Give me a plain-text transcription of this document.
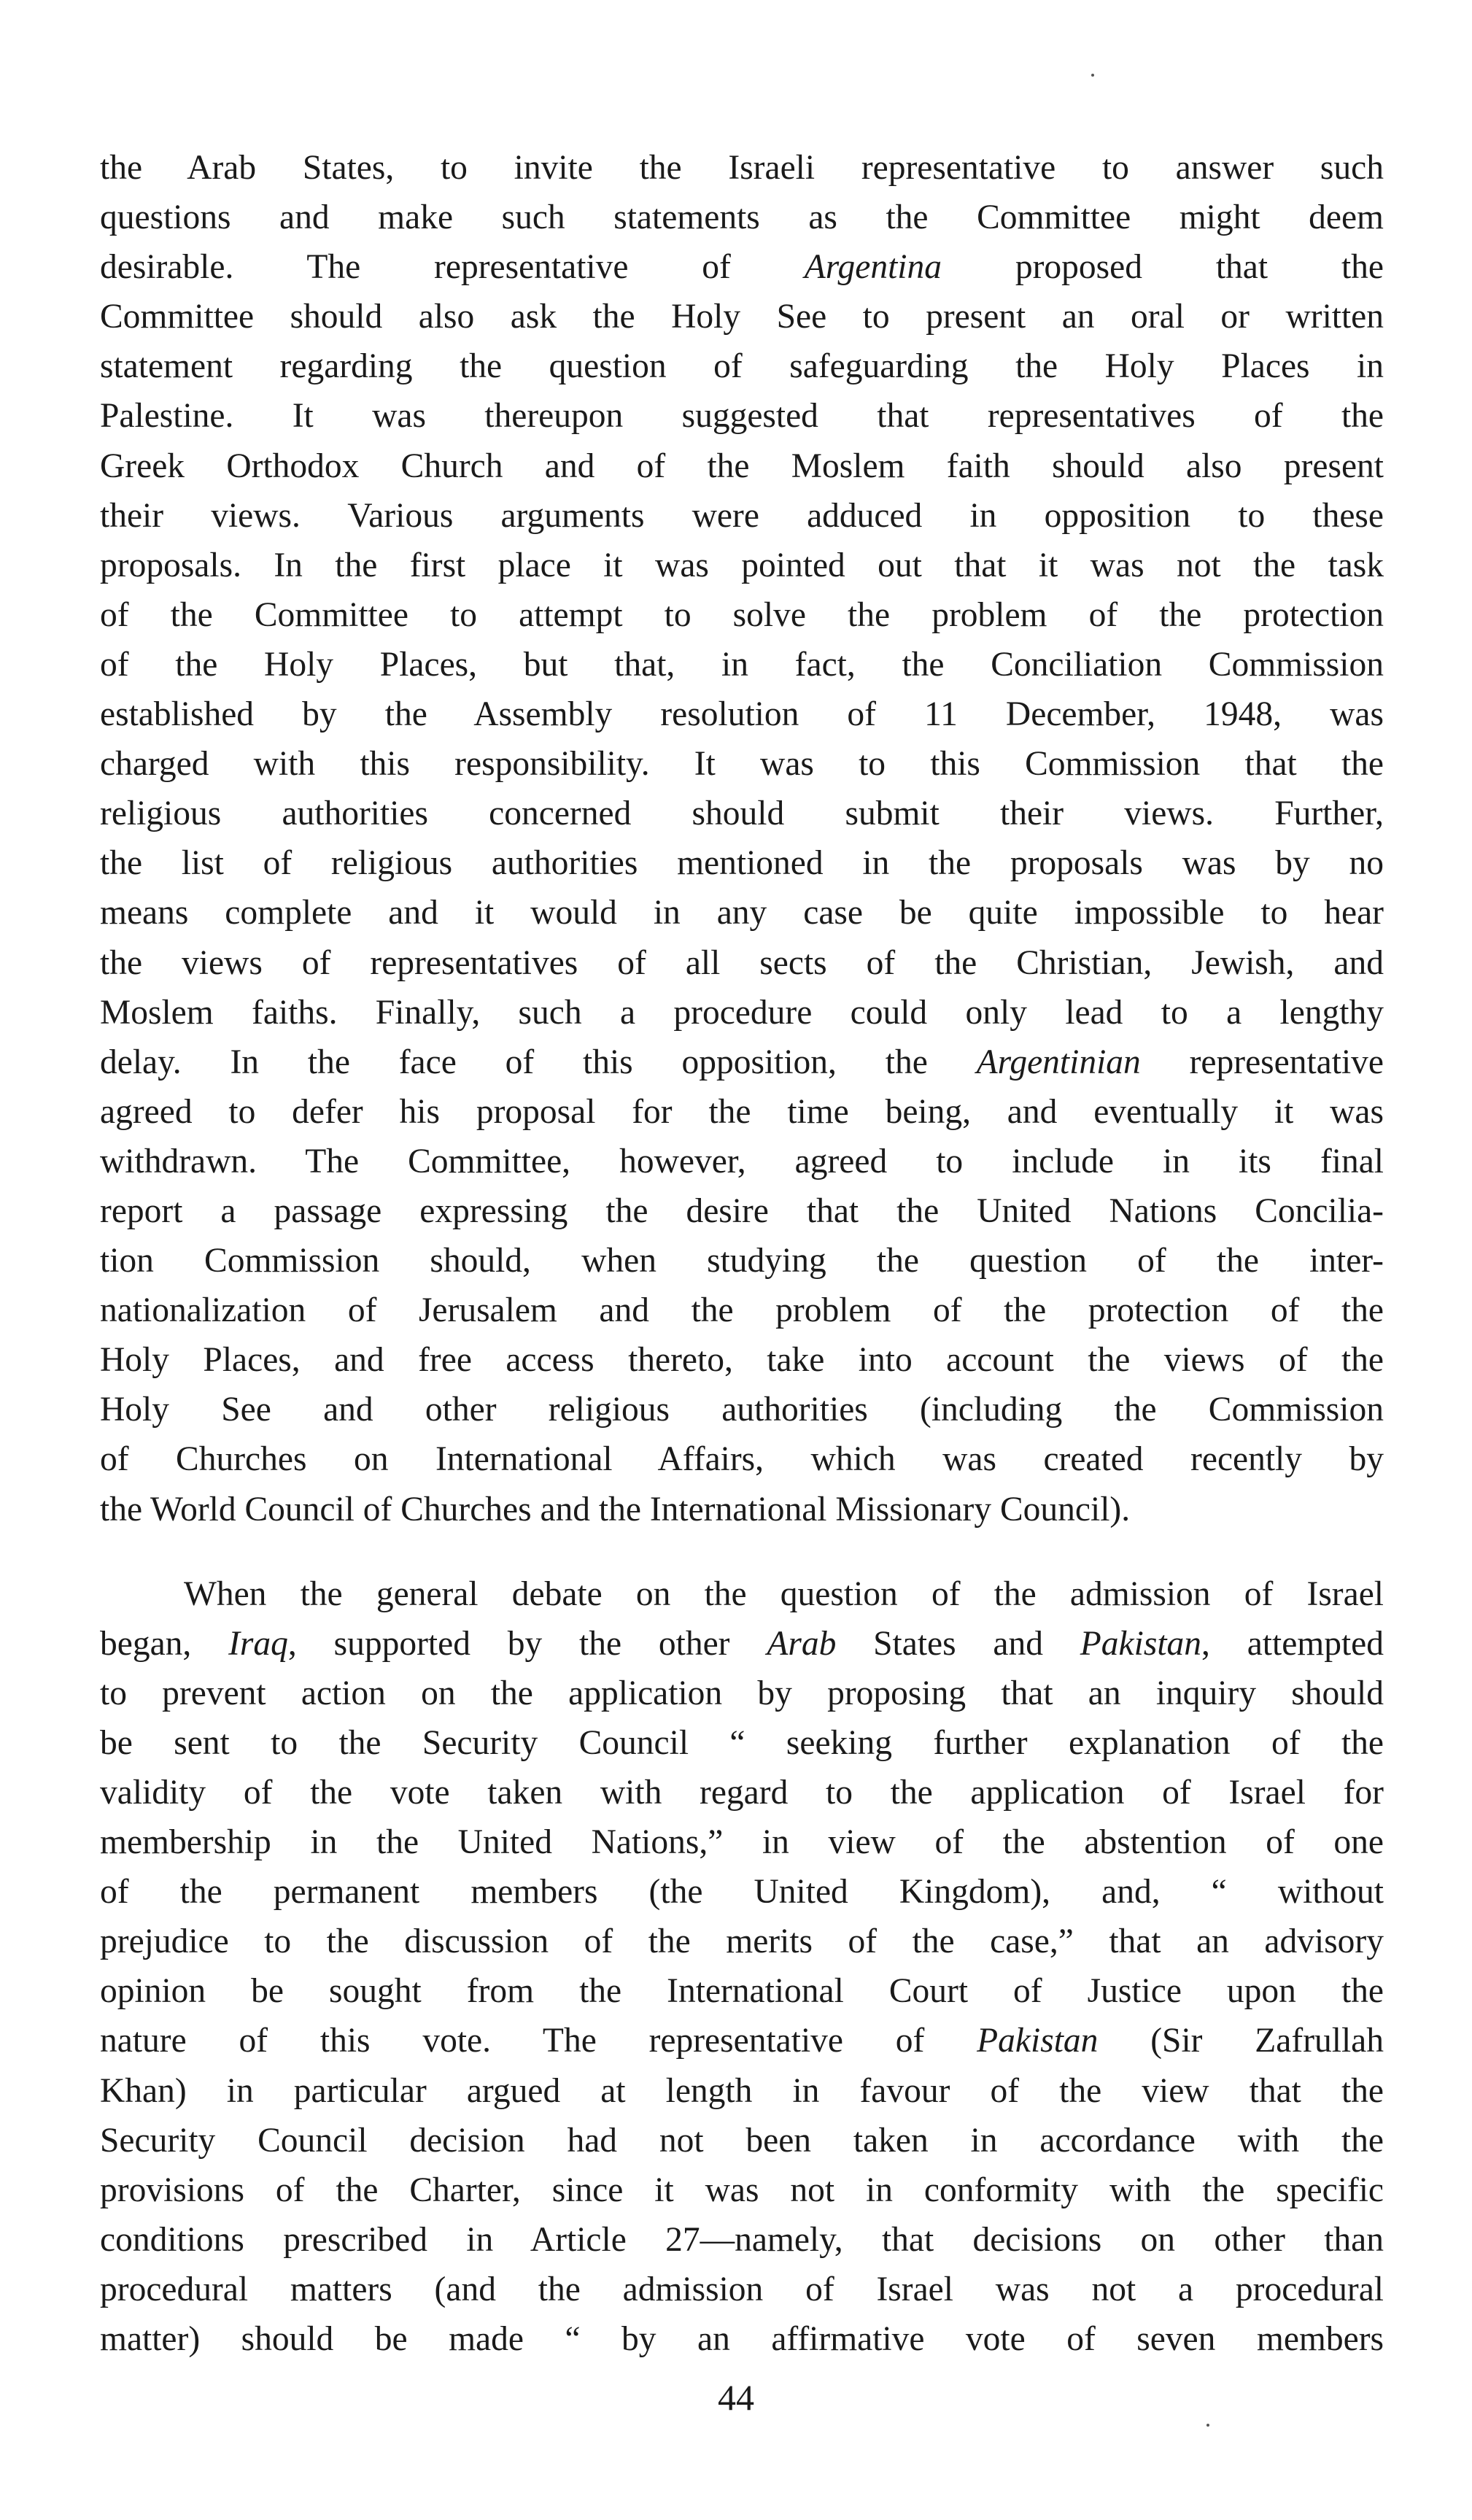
the Arab States, to invite the Israeli representative to answer such
questions and make such statements as the Committee might deem
desirable. The representative of Argentina proposed that the
Committee should also ask the Holy See to present an oral or written
statement regarding the question of safeguarding the Holy Places in
Palestine. It was thereupon suggested that representatives of the
Greek Orthodox Church and of the Moslem faith should also present
their views. Various arguments were adduced in opposition to these
proposals. In the first place it was pointed out that it was not the task
of the Committee to attempt to solve the problem of the protection
of the Holy Places, but that, in fact, the Conciliation Commission
established by the Assembly resolution of 11 December, 1948, was
charged with this responsibility. It was to this Commission that the
religious authorities concerned should submit their views. Further,
the list of religious authorities mentioned in the proposals was by no
means complete and it would in any case be quite impossible to hear
the views of representatives of all sects of the Christian, Jewish, and
Moslem faiths. Finally, such a procedure could only lead to a lengthy
delay. In the face of this opposition, the Argentinian representative
agreed to defer his proposal for the time being, and eventually it was
withdrawn. The Committee, however, agreed to include in its final
report a passage expressing the desire that the United Nations Concilia-
tion Commission should, when studying the question of the inter-
nationalization of Jerusalem and the problem of the protection of the
Holy Places, and free access thereto, take into account the views of the
Holy See and other religious authorities (including the Commission
of Churches on International Affairs, which was created recently by
the World Council of Churches and the International Missionary Council).

When the general debate on the question of the admission of Israel
began, Iraq, supported by the other Arab States and Pakistan, attempted
to prevent action on the application by proposing that an inquiry should
be sent to the Security Council “ seeking further explanation of the
validity of the vote taken with regard to the application of Israel for
membership in the United Nations,” in view of the abstention of one
of the permanent members (the United Kingdom), and, “ without
prejudice to the discussion of the merits of the case,” that an advisory
opinion be sought from the International Court of Justice upon the
nature of this vote. The representative of Pakistan (Sir Zafrullah
Khan) in particular argued at length in favour of the view that the
Security Council decision had not been taken in accordance with the
provisions of the Charter, since it was not in conformity with the specific
conditions prescribed in Article 27—namely, that decisions on other than
procedural matters (and the admission of Israel was not a procedural
matter) should be made “ by an affirmative vote of seven members

44
